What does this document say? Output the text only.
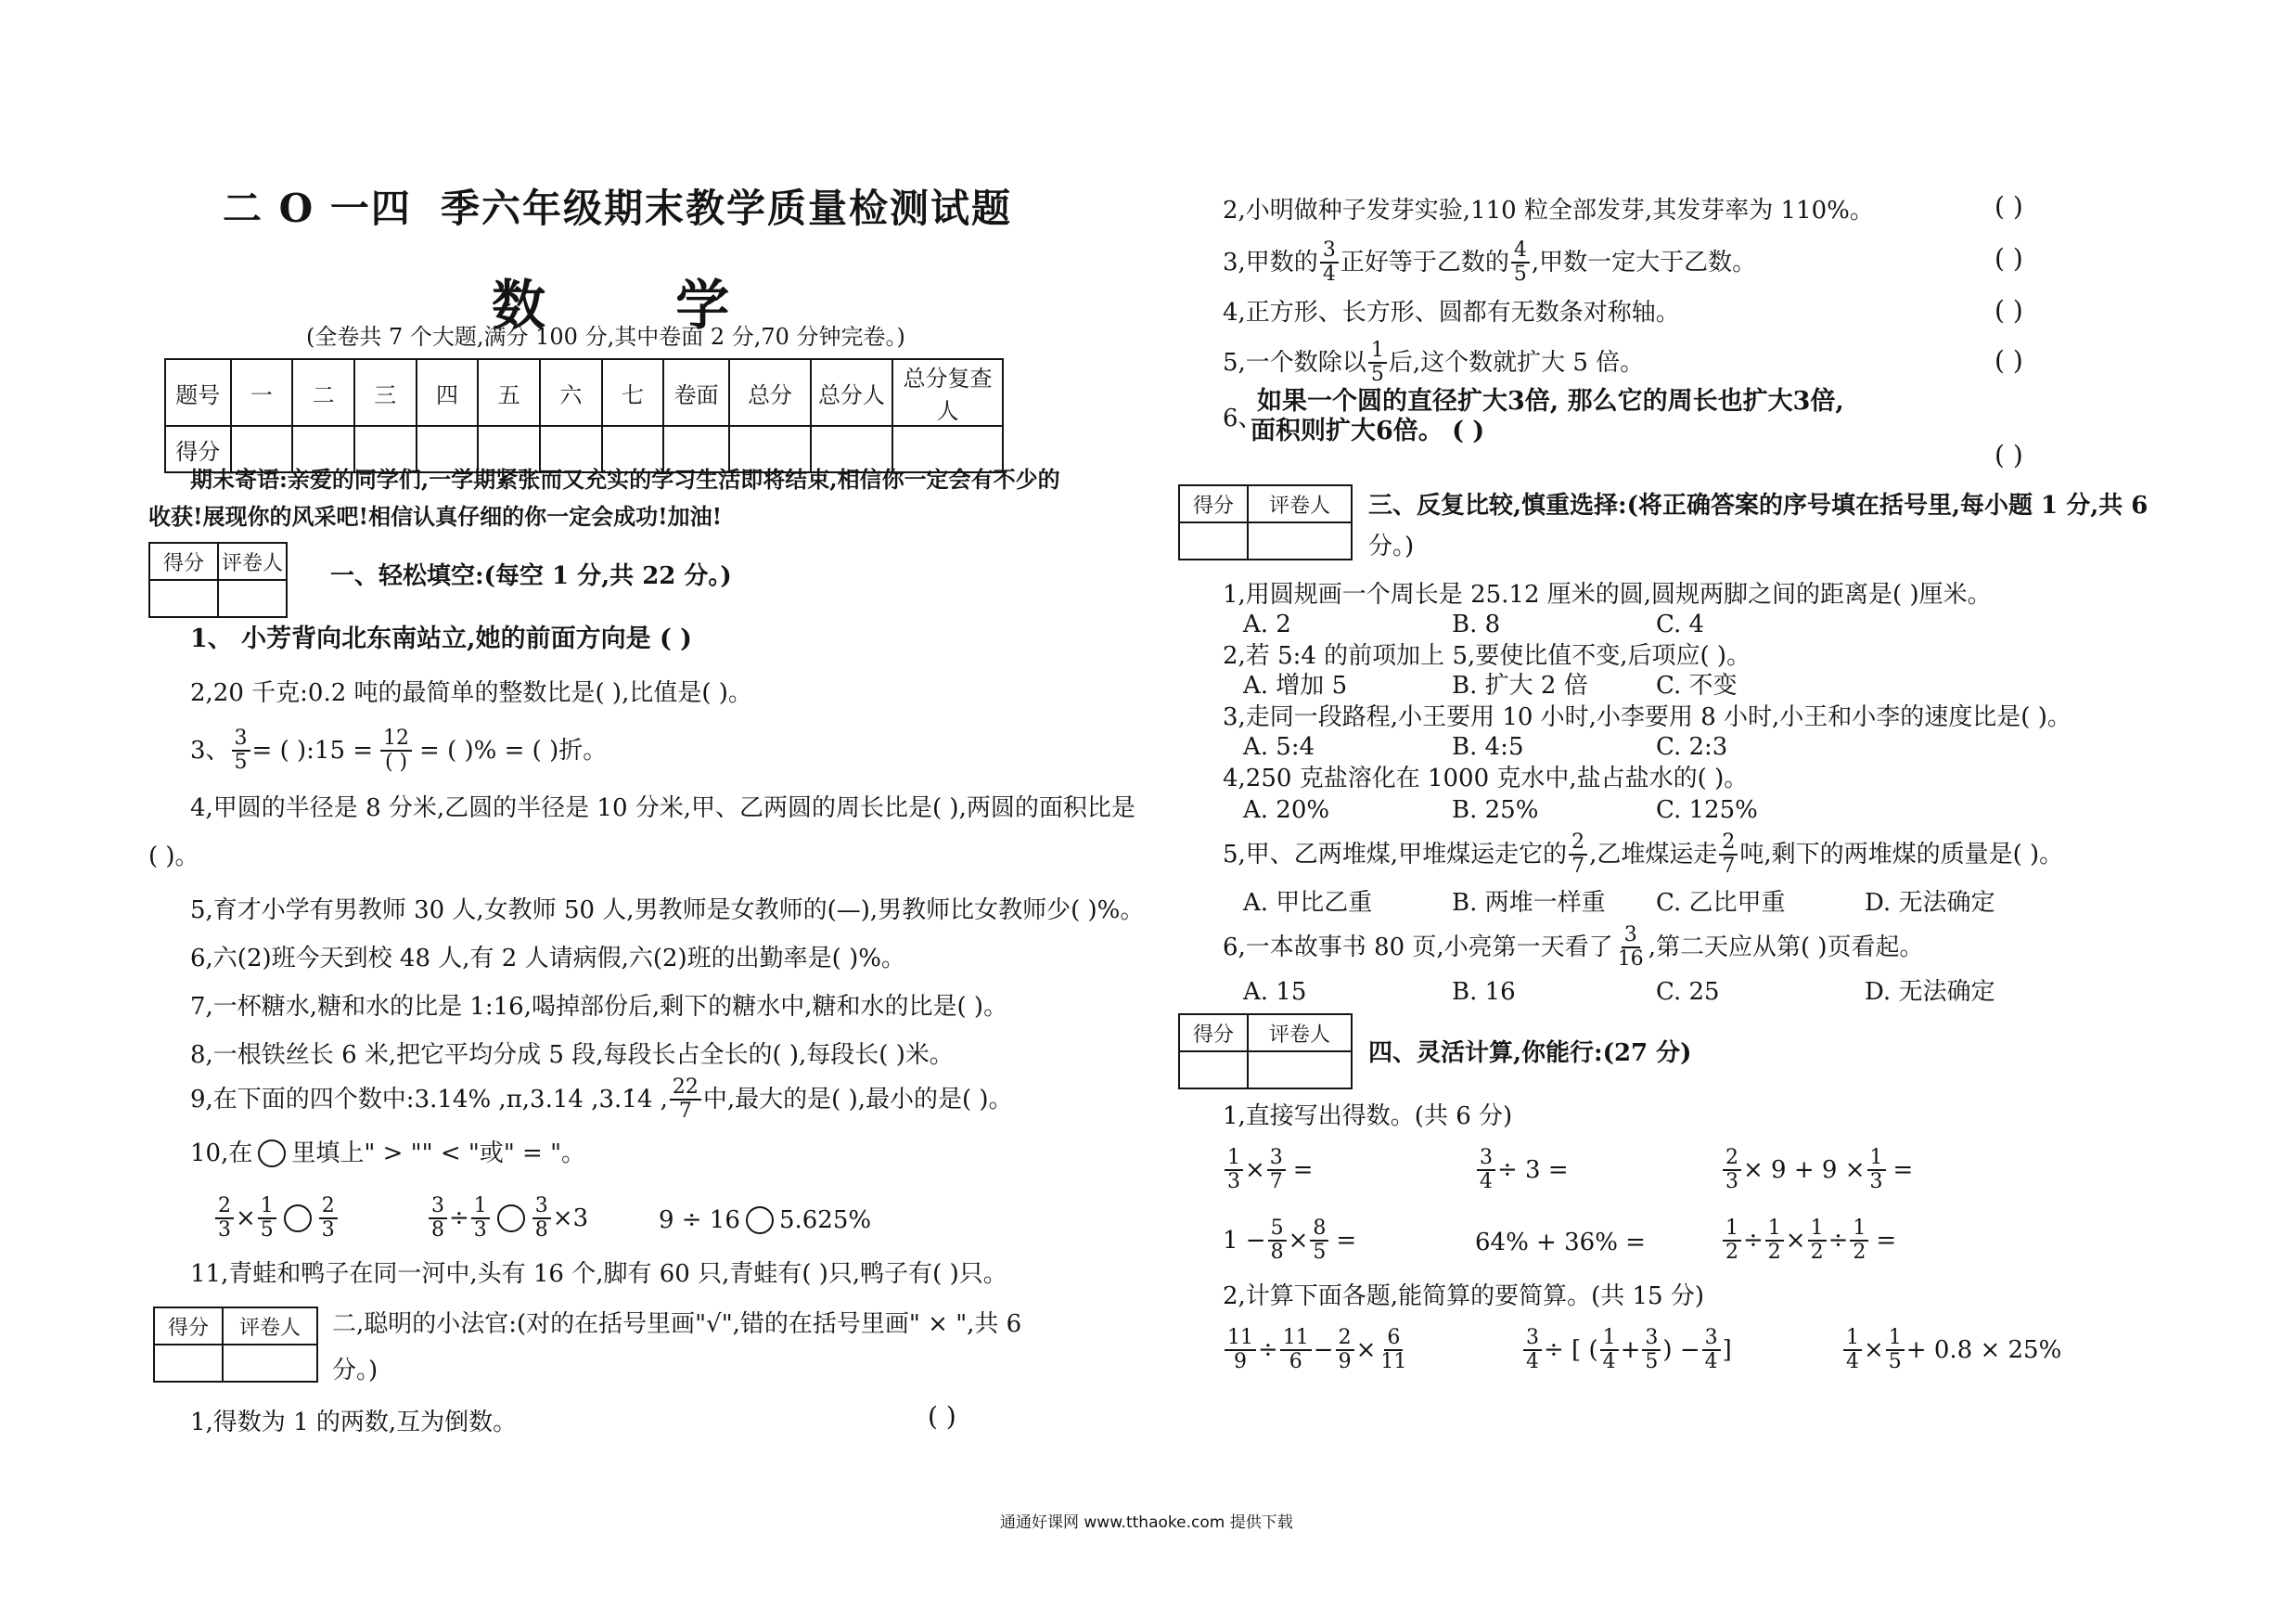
二 O 一四 季六年级期末教学质量检测试题
数 学
(全卷共 7 个大题,满分 100 分,其中卷面 2 分,70 分钟完卷。)
题号	一	二	三	四	五	六	七	卷面	总分	总分人	总分复查人
得分											
期末寄语:亲爱的同学们,一学期紧张而又充实的学习生活即将结束,相信你一定会有不少的
收获!展现你的风采吧!相信认真仔细的你一定会成功!加油!
得分	评卷人
	一、轻松填空:(每空 1 分,共 22 分。)
1、 小芳背向北东南站立,她的前面方向是 ( )
2,20 千克:0.2 吨的最简单的整数比是( ),比值是( )。
3、 $\frac{3}{5}$ = ( ):15 = $\frac{12}{( )}$ = ( )% = ( )折。
4,甲圆的半径是 8 分米,乙圆的半径是 10 分米,甲、乙两圆的周长比是( ),两圆的面积比是
( )。
5,育才小学有男教师 30 人,女教师 50 人,男教师是女教师的(—),男教师比女教师少( )%。
6,六(2)班今天到校 48 人,有 2 人请病假,六(2)班的出勤率是( )%。
7,一杯糖水,糖和水的比是 1:16,喝掉部份后,剩下的糖水中,糖和水的比是( )。
8,一根铁丝长 6 米,把它平均分成 5 段,每段长占全长的( ),每段长( )米。
9,在下面的四个数中:3.14% ,π,3.14̇ ,3.1̇4̇ , $\frac{22}{7}$ 中,最大的是( ),最小的是( )。
10,在 里填上" > "" < "或" = "。
$\frac{2}{3} \times \frac{1}{5} \frac{2}{3}$	$\frac{3}{8} \div \frac{1}{3} \frac{3}{8} \times 3$	9 ÷ 16 5.625%
11,青蛙和鸭子在同一河中,头有 16 个,脚有 60 只,青蛙有( )只,鸭子有( )只。
得分	评卷人
	二,聪明的小法官:(对的在括号里画"√",错的在括号里画" × ",共 6
分。)
1,得数为 1 的两数,互为倒数。	( )
2,小明做种子发芽实验,110 粒全部发芽,其发芽率为 110%。	( )
3,甲数的 $\frac{3}{4}$ 正好等于乙数的 $\frac{4}{5}$ ,甲数一定大于乙数。	( )
4,正方形、长方形、圆都有无数条对称轴。	( )
5,一个数除以 $\frac{1}{5}$ 后,这个数就扩大 5 倍。	( )
6、
如果一个圆的直径扩大3倍, 那么它的周长也扩大3倍,
面积则扩大6倍。 ( )
( )
得分	评卷人
	三、反复比较,慎重选择:(将正确答案的序号填在括号里,每小题 1 分,共 6
分。)
1,用圆规画一个周长是 25.12 厘米的圆,圆规两脚之间的距离是( )厘米。
A. 2	B. 8	C. 4
2,若 5:4 的前项加上 5,要使比值不变,后项应( )。
A. 增加 5	B. 扩大 2 倍	C. 不变
3,走同一段路程,小王要用 10 小时,小李要用 8 小时,小王和小李的速度比是( )。
A. 5:4	B. 4:5	C. 2:3
4,250 克盐溶化在 1000 克水中,盐占盐水的( )。
A. 20%	B. 25%	C. 125%
5,甲、乙两堆煤,甲堆煤运走它的 $\frac{2}{7}$ ,乙堆煤运走 $\frac{2}{7}$ 吨,剩下的两堆煤的质量是( )。
A. 甲比乙重	B. 两堆一样重 C. 乙比甲重	D. 无法确定
6,一本故事书 80 页,小亮第一天看了 $\frac{3}{16}$ ,第二天应从第( )页看起。
A. 15	B. 16	C. 25	D. 无法确定
得分	评卷人

四、灵活计算,你能行:(27 分)
1,直接写出得数。(共 6 分)
$\frac{1}{3} \times \frac{3}{7}$ =	$\frac{3}{4} \div 3$ =	$\frac{2}{3} \times 9 + 9 \times \frac{1}{3}$ =
$1 - \frac{5}{8} \times \frac{8}{5}$ =	64% + 36% =	$\frac{1}{2} \div \frac{1}{2} \times \frac{1}{2} \div \frac{1}{2}$ =
2,计算下面各题,能简算的要简算。(共 15 分)
$\frac{11}{9} \div \frac{11}{6} - \frac{2}{9} \times \frac{6}{11}$	$\frac{3}{4}$ ÷ [ ( $\frac{1}{4} + \frac{3}{5}$ ) − $\frac{3}{4}$ ]	$\frac{1}{4} \times \frac{1}{5} + 0.8 \times 25\%$
通通好课网 www.tthaoke.com 提供下载
